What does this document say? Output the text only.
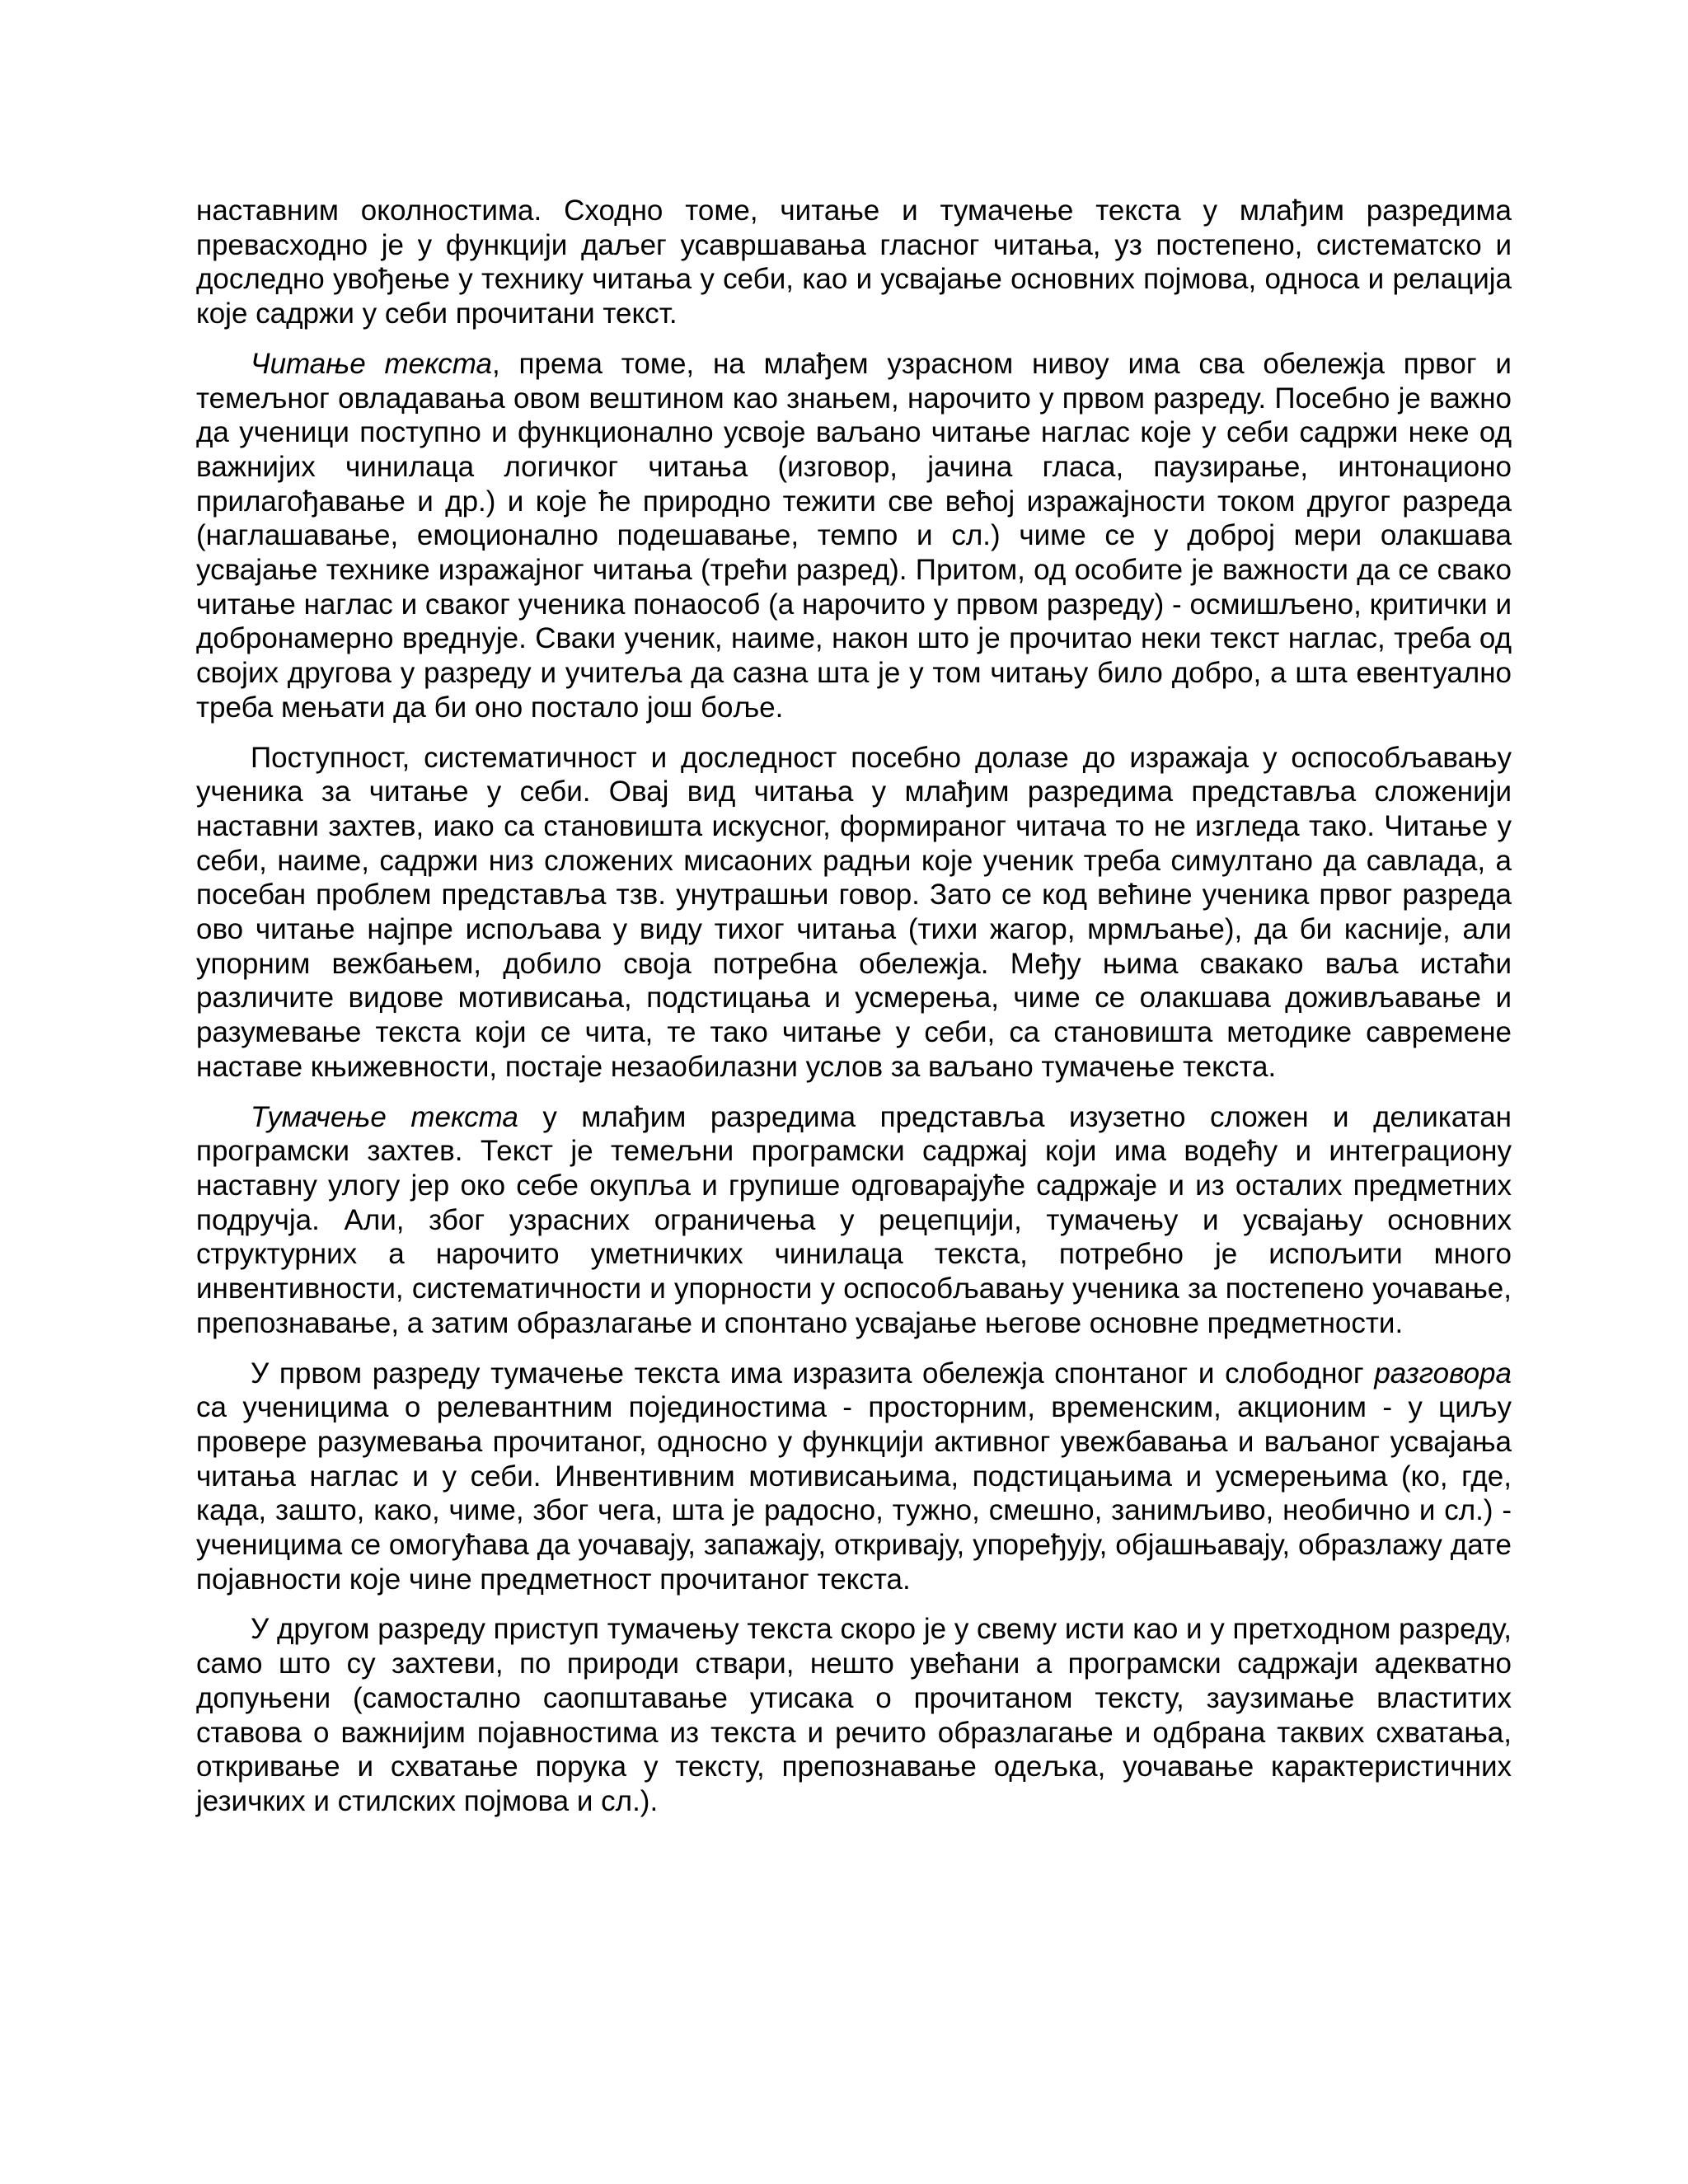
наставним околностима. Сходно томе, читање и тумачење текста у млађим разредима превасходно је у функцији даљег усавршавања гласног читања, уз постепено, систематско и доследно увођење у технику читања у себи, као и усвајање основних појмова, односа и релација које садржи у себи прочитани текст.

Читање текста, према томе, на млађем узрасном нивоу има сва обележја првог и темељног овладавања овом вештином као знањем, нарочито у првом разреду. Посебно је важно да ученици поступно и функционално усвоје ваљано читање наглас које у себи садржи неке од важнијих чинилаца логичког читања (изговор, јачина гласа, паузирање, интонационо прилагођавање и др.) и које ће природно тежити све већој изражајности током другог разреда (наглашавање, емоционално подешавање, темпо и сл.) чиме се у доброј мери олакшава усвајање технике изражајног читања (трећи разред). Притом, од особите је важности да се свако читање наглас и сваког ученика понаособ (а нарочито у првом разреду) - осмишљено, критички и добронамерно вреднује. Сваки ученик, наиме, након што је прочитао неки текст наглас, треба од својих другова у разреду и учитеља да сазна шта је у том читању било добро, а шта евентуално треба мењати да би оно постало још боље.

Поступност, систематичност и доследност посебно долазе до изражаја у оспособљавању ученика за читање у себи. Овај вид читања у млађим разредима представља сложенији наставни захтев, иако са становишта искусног, формираног читача то не изгледа тако. Читање у себи, наиме, садржи низ сложених мисаоних радњи које ученик треба симултано да савлада, а посебан проблем представља тзв. унутрашњи говор. Зато се код већине ученика првог разреда ово читање најпре испољава у виду тихог читања (тихи жагор, мрмљање), да би касније, али упорним вежбањем, добило своја потребна обележја. Међу њима свакако ваља истаћи различите видове мотивисања, подстицања и усмерења, чиме се олакшава доживљавање и разумевање текста који се чита, те тако читање у себи, са становишта методике савремене наставе књижевности, постаје незаобилазни услов за ваљано тумачење текста.

Тумачење текста у млађим разредима представља изузетно сложен и деликатан програмски захтев. Текст је темељни програмски садржај који има водећу и интеграциону наставну улогу јер око себе окупља и групише одговарајуће садржаје и из осталих предметних подручја. Али, због узрасних ограничења у рецепцији, тумачењу и усвајању основних структурних а нарочито уметничких чинилаца текста, потребно је испољити много инвентивности, систематичности и упорности у оспособљавању ученика за постепено уочавање, препознавање, а затим образлагање и спонтано усвајање његове основне предметности.

У првом разреду тумачење текста има изразита обележја спонтаног и слободног разговора са ученицима о релевантним појединостима - просторним, временским, акционим - у циљу провере разумевања прочитаног, односно у функцији активног увежбавања и ваљаног усвајања читања наглас и у себи. Инвентивним мотивисањима, подстицањима и усмерењима (ко, где, када, зашто, како, чиме, због чега, шта је радосно, тужно, смешно, занимљиво, необично и сл.) - ученицима се омогућава да уочавају, запажају, откривају, упоређују, објашњавају, образлажу дате појавности које чине предметност прочитаног текста.

У другом разреду приступ тумачењу текста скоро је у свему исти као и у претходном разреду, само што су захтеви, по природи ствари, нешто увећани а програмски садржаји адекватно допуњени (самостално саопштавање утисака о прочитаном тексту, заузимање властитих ставова о важнијим појавностима из текста и речито образлагање и одбрана таквих схватања, откривање и схватање порука у тексту, препознавање одељка, уочавање карактеристичних језичких и стилских појмова и сл.).
